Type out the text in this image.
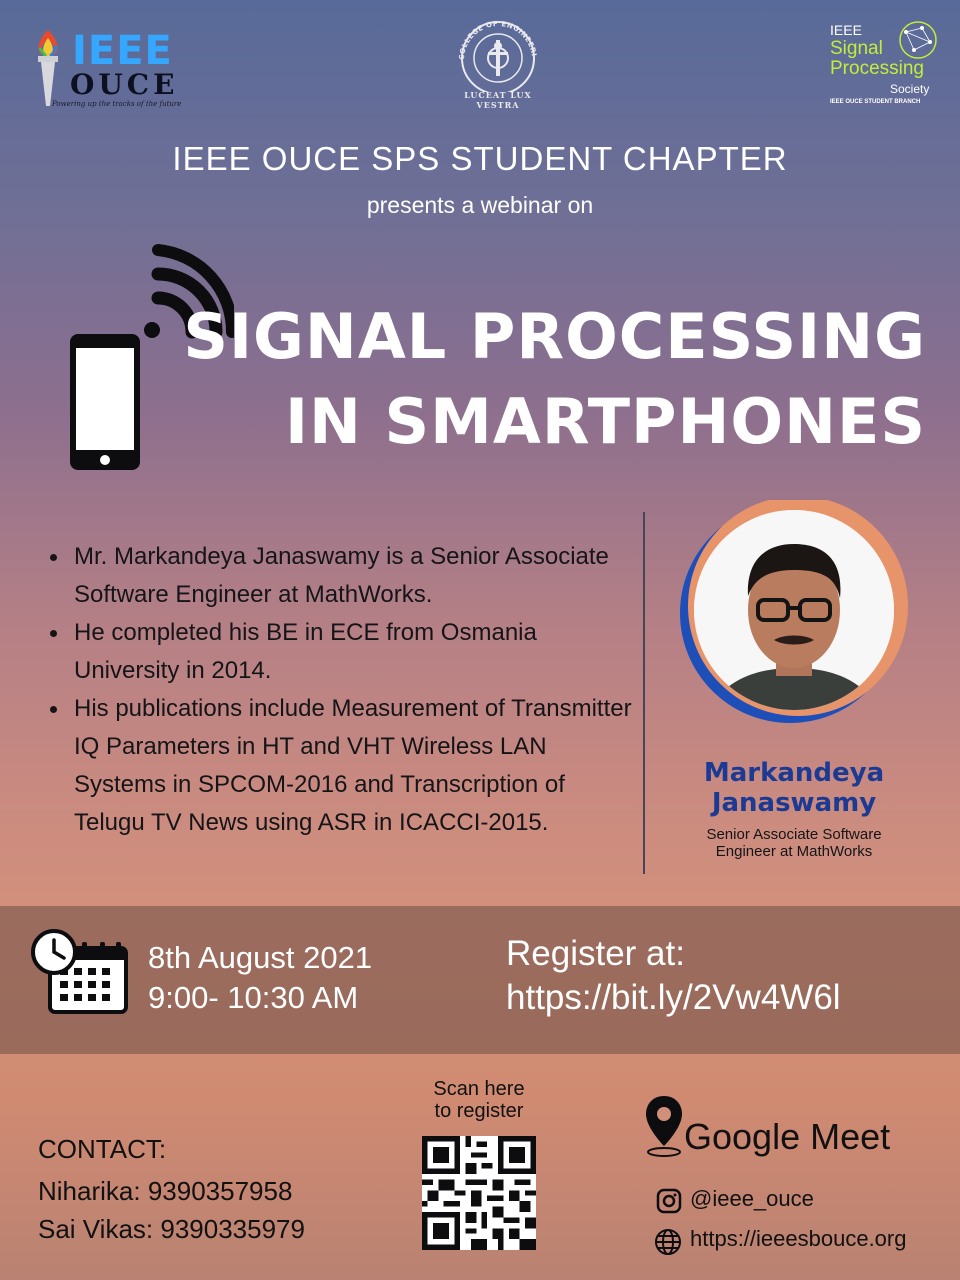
IEEE
OUCE
Powering up the tracks of the future
COLLEGE OF ENGINEERI
LUCEAT LUX VESTRA
IEEE
Signal
Processing
Society
IEEE OUCE STUDENT BRANCH
IEEE OUCE SPS STUDENT CHAPTER
presents a webinar on
SIGNAL PROCESSING
IN SMARTPHONES
Mr. Markandeya Janaswamy is a Senior Associate Software Engineer at MathWorks.
He completed his BE in ECE from Osmania University in 2014.
His publications include Measurement of Transmitter IQ Parameters in HT and VHT Wireless LAN Systems in SPCOM-2016 and Transcription of Telugu TV News using ASR in ICACCI-2015.
Markandeya
Janaswamy
Senior Associate Software
Engineer at MathWorks
8th August 2021
9:00- 10:30 AM
Register at:
https://bit.ly/2Vw4W6l
CONTACT:
Niharika: 9390357958
Sai Vikas: 9390335979
Scan here
to register
Google Meet
@ieee_ouce
https://ieeesbouce.org
